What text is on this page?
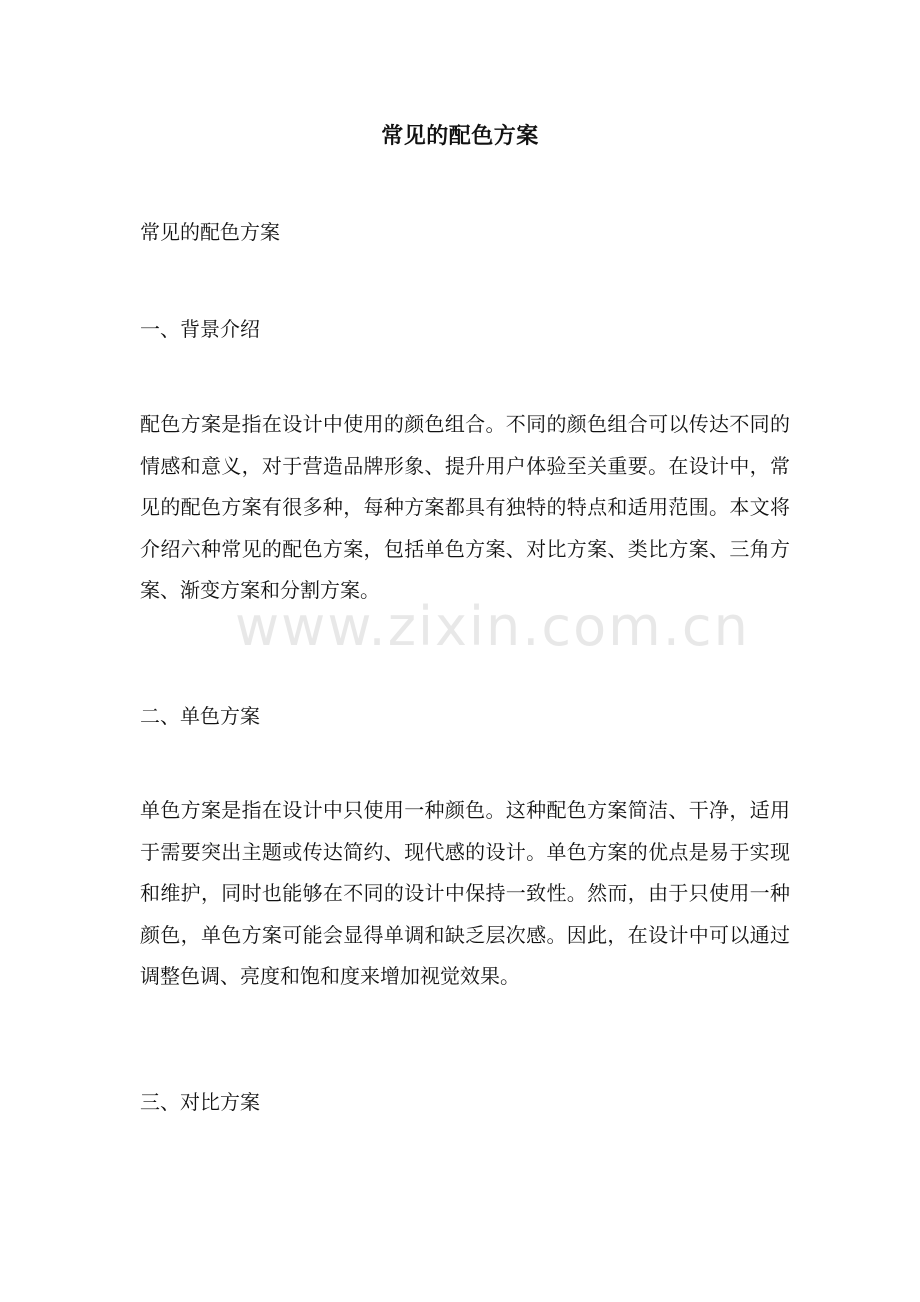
常见的配色方案
常见的配色方案
一、背景介绍
配色方案是指在设计中使用的颜色组合。不同的颜色组合可以传达不同的情感和意义，对于营造品牌形象、提升用户体验至关重要。在设计中，常见的配色方案有很多种，每种方案都具有独特的特点和适用范围。本文将介绍六种常见的配色方案，包括单色方案、对比方案、类比方案、三角方案、渐变方案和分割方案。
二、单色方案
单色方案是指在设计中只使用一种颜色。这种配色方案简洁、干净，适用于需要突出主题或传达简约、现代感的设计。单色方案的优点是易于实现和维护，同时也能够在不同的设计中保持一致性。然而，由于只使用一种颜色，单色方案可能会显得单调和缺乏层次感。因此，在设计中可以通过调整色调、亮度和饱和度来增加视觉效果。
三、对比方案
www.zixin.com.cn
